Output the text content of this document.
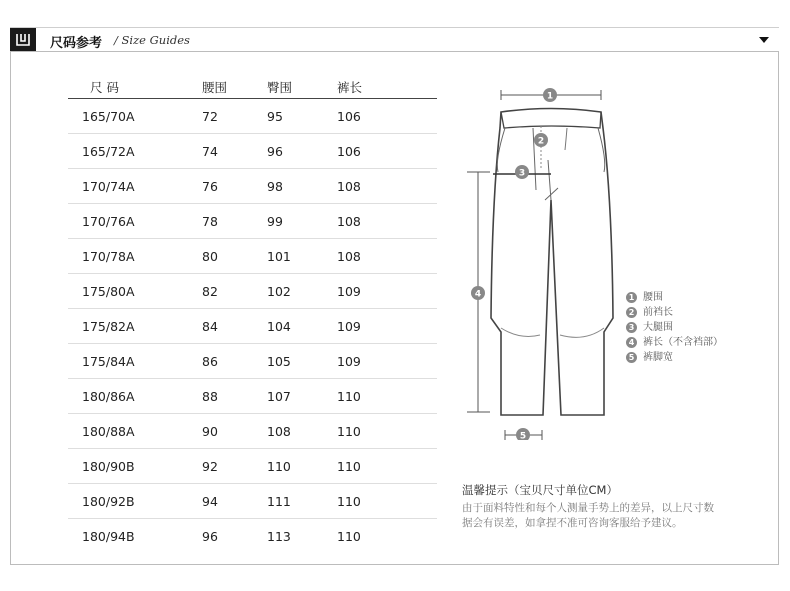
尺码参考 / Size Guides
尺 码	腰围	臀围	裤长
165/70A	72	95	106
165/72A	74	96	106
170/74A	76	98	108
170/76A	78	99	108
170/78A	80	101	108
175/80A	82	102	109
175/82A	84	104	109
175/84A	86	105	109
180/86A	88	107	110
180/88A	90	108	110
180/90B	92	110	110
180/92B	94	111	110
180/94B	96	113	110
1
2
3
4
5
1 腰围
2 前裆长
3 大腿围
4 裤长（不含裆部）
5 裤脚宽
温馨提示（宝贝尺寸单位CM）
由于面料特性和每个人测量手势上的差异，以上尺寸数据会有误差，如拿捏不准可咨询客服给予建议。
